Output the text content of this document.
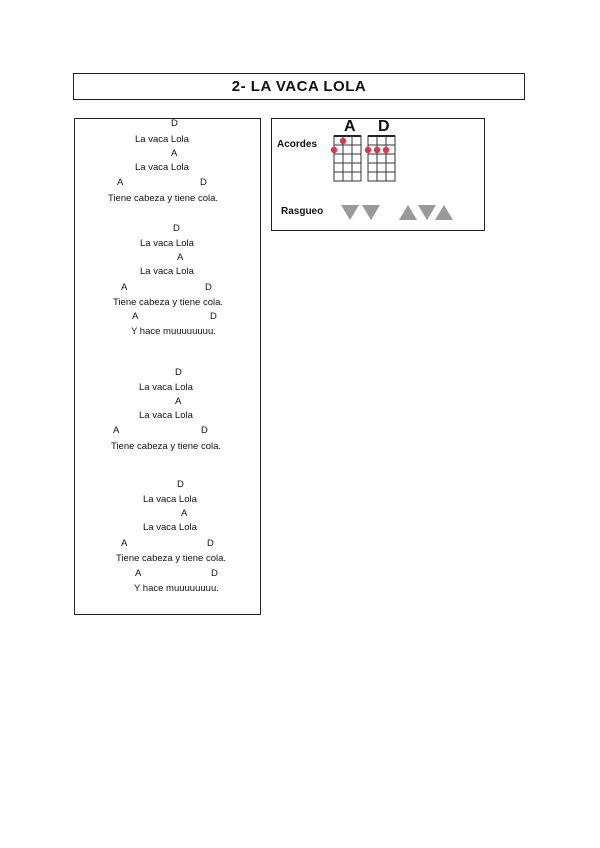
2- LA VACA LOLA
D
La vaca Lola
A
La vaca Lola
A	D
Tiene cabeza y tiene cola.
D
La vaca Lola
A
La vaca Lola
A	D
Tiene cabeza y tiene cola.
A	D
Y hace muuuuuuuu.
D
La vaca Lola
A
La vaca Lola
A	D
Tiene cabeza y tiene cola.
D
La vaca Lola
A
La vaca Lola
A	D
Tiene cabeza y tiene cola.
A	D
Y hace muuuuuuuu.
Acordes
A D
Rasgueo
